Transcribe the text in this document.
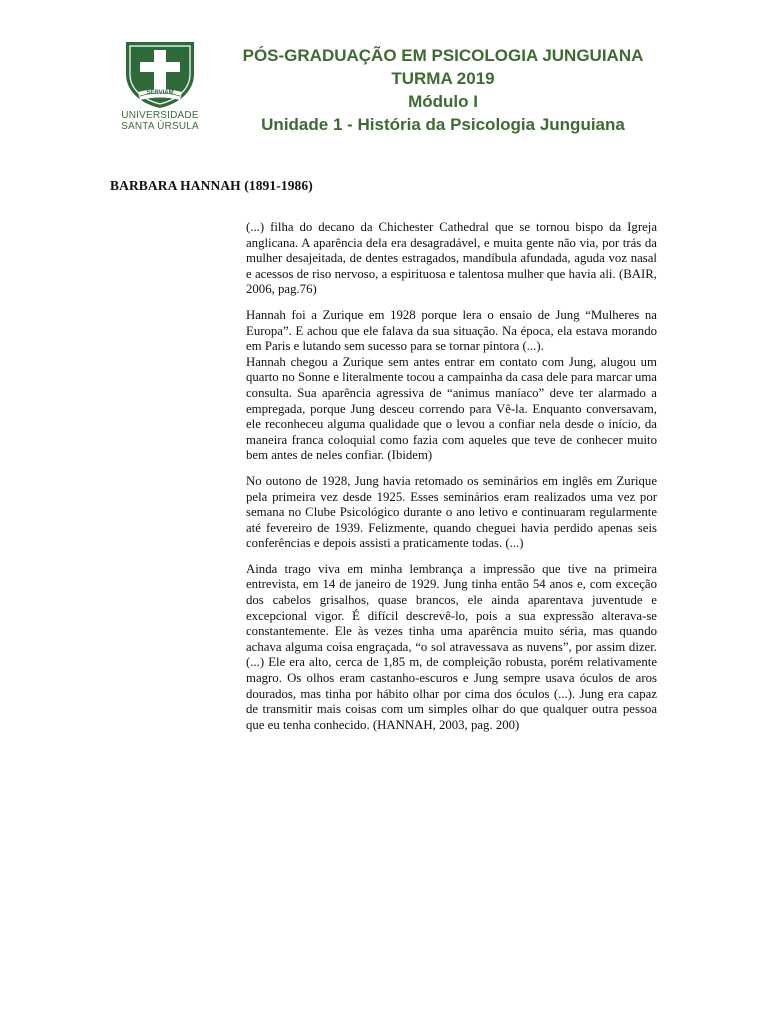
SERVIAM
UNIVERSIDADE
SANTA ÚRSULA
PÓS-GRADUAÇÃO EM PSICOLOGIA JUNGUIANA
TURMA 2019
Módulo I
Unidade 1 - História da Psicologia Junguiana
BARBARA HANNAH (1891-1986)

(...) filha do decano da Chichester Cathedral que se tornou bispo da Igreja anglicana. A aparência dela era desagradável, e muita gente não via, por trás da mulher desajeitada, de dentes estragados, mandíbula afundada, aguda voz nasal e acessos de riso nervoso, a espirituosa e talentosa mulher que havia ali. (BAIR, 2006, pag.76)

Hannah foi a Zurique em 1928 porque lera o ensaio de Jung “Mulheres na Europa”. E achou que ele falava da sua situação. Na época, ela estava morando em Paris e lutando sem sucesso para se tornar pintora (...).

Hannah chegou a Zurique sem antes entrar em contato com Jung, alugou um quarto no Sonne e literalmente tocou a campainha da casa dele para marcar uma consulta. Sua aparência agressiva de “animus maníaco” deve ter alarmado a empregada, porque Jung desceu correndo para Vê-la. Enquanto conversavam, ele reconheceu alguma qualidade que o levou a confiar nela desde o início, da maneira franca coloquial como fazia com aqueles que teve de conhecer muito bem antes de neles confiar. (Ibidem)

No outono de 1928, Jung havia retomado os seminários em inglês em Zurique pela primeira vez desde 1925. Esses seminários eram realizados uma vez por semana no Clube Psicológico durante o ano letivo e continuaram regularmente até fevereiro de 1939. Felizmente, quando cheguei havia perdido apenas seis conferências e depois assisti a praticamente todas. (...)

Ainda trago viva em minha lembrança a impressão que tive na primeira entrevista, em 14 de janeiro de 1929. Jung tinha então 54 anos e, com exceção dos cabelos grisalhos, quase brancos, ele ainda aparentava juventude e excepcional vigor. É difícil descrevê-lo, pois a sua expressão alterava-se constantemente. Ele às vezes tinha uma aparência muito séria, mas quando achava alguma coisa engraçada, “o sol atravessava as nuvens”, por assim dizer. (...) Ele era alto, cerca de 1,85 m, de compleição robusta, porém relativamente magro. Os olhos eram castanho-escuros e Jung sempre usava óculos de aros dourados, mas tinha por hábito olhar por cima dos óculos (...). Jung era capaz de transmitir mais coisas com um simples olhar do que qualquer outra pessoa que eu tenha conhecido. (HANNAH, 2003, pag. 200)
